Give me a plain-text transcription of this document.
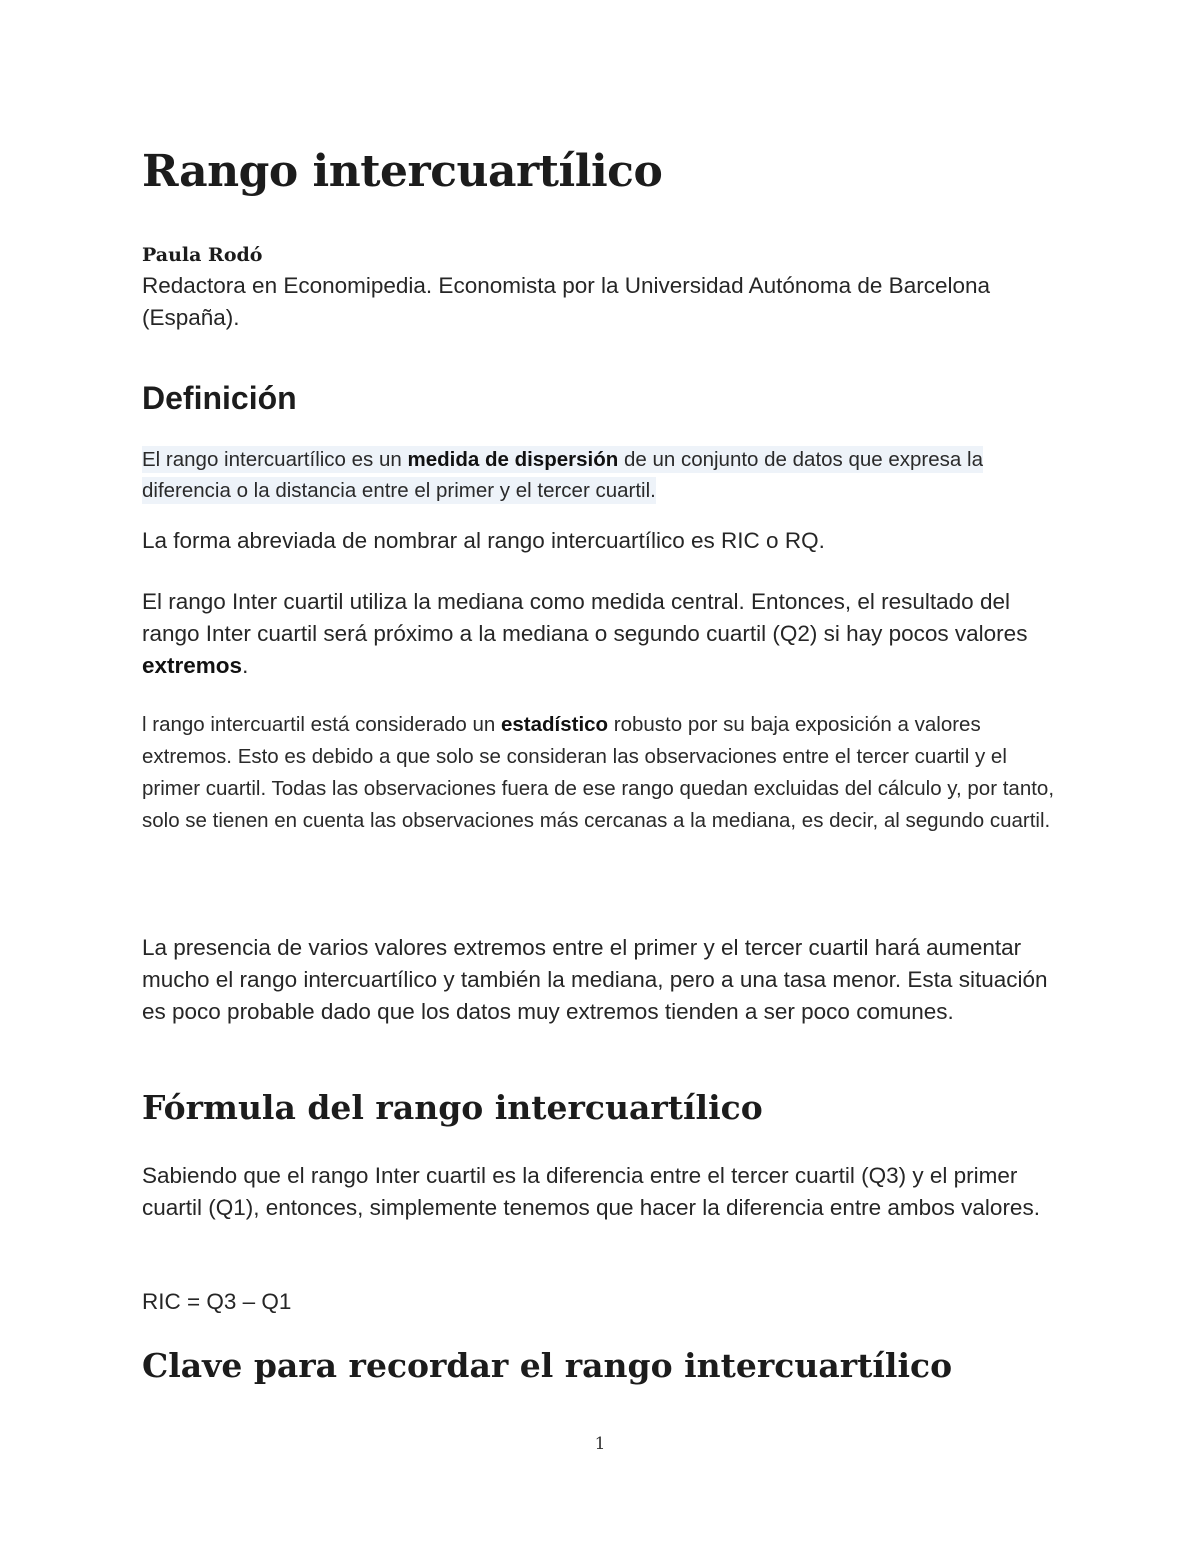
Rango intercuartílico

Paula Rodó

Redactora en Economipedia. Economista por la Universidad Autónoma de Barcelona (España).

Definición

El rango intercuartílico es un medida de dispersión de un conjunto de datos que expresa la diferencia o la distancia entre el primer y el tercer cuartil.

La forma abreviada de nombrar al rango intercuartílico es RIC o RQ.

El rango Inter cuartil utiliza la mediana como medida central. Entonces, el resultado del rango Inter cuartil será próximo a la mediana o segundo cuartil (Q2) si hay pocos valores extremos.

l rango intercuartil está considerado un estadístico robusto por su baja exposición a valores extremos. Esto es debido a que solo se consideran las observaciones entre el tercer cuartil y el primer cuartil. Todas las observaciones fuera de ese rango quedan excluidas del cálculo y, por tanto, solo se tienen en cuenta las observaciones más cercanas a la mediana, es decir, al segundo cuartil.

La presencia de varios valores extremos entre el primer y el tercer cuartil hará aumentar mucho el rango intercuartílico y también la mediana, pero a una tasa menor. Esta situación es poco probable dado que los datos muy extremos tienden a ser poco comunes.

Fórmula del rango intercuartílico

Sabiendo que el rango Inter cuartil es la diferencia entre el tercer cuartil (Q3) y el primer cuartil (Q1), entonces, simplemente tenemos que hacer la diferencia entre ambos valores.

RIC = Q3 – Q1

Clave para recordar el rango intercuartílico
1
